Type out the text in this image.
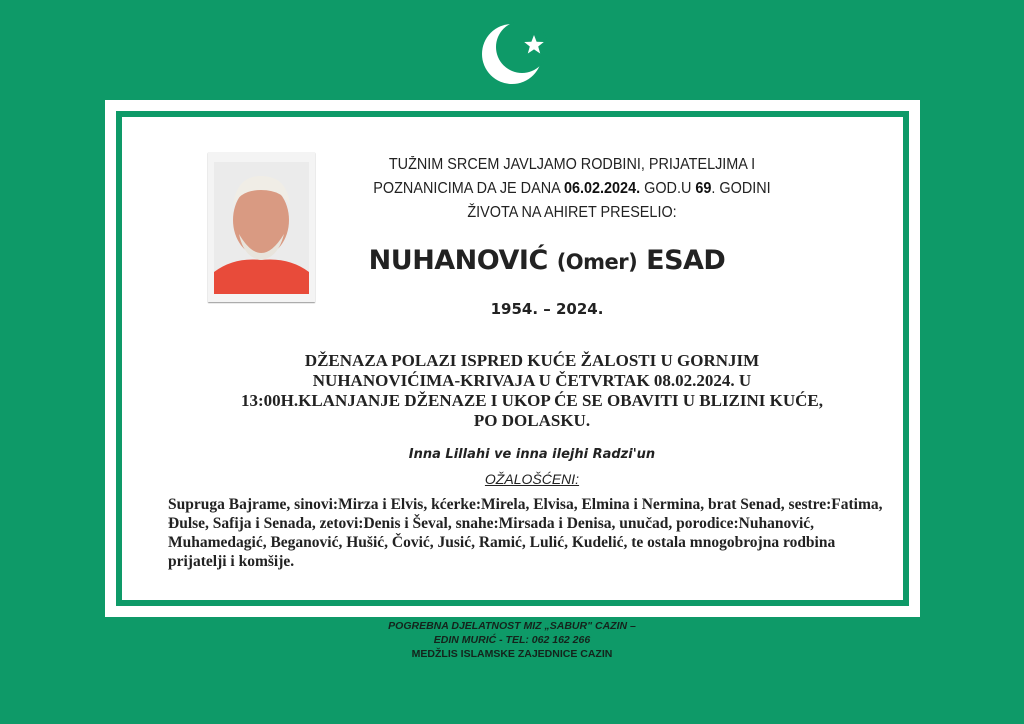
TUŽNIM SRCEM JAVLJAMO RODBINI, PRIJATELJIMA I
POZNANICIMA DA JE DANA 06.02.2024. GOD.U 69. GODINI
ŽIVOTA NA AHIRET PRESELIO:
NUHANOVIĆ (Omer) ESAD
1954. – 2024.
DŽENAZA POLAZI ISPRED KUĆE ŽALOSTI U GORNJIM
NUHANOVIĆIMA-KRIVAJA U ČETVRTAK 08.02.2024. U
13:00H.KLANJANJE DŽENAZE I UKOP ĆE SE OBAVITI U BLIZINI KUĆE,
PO DOLASKU.
Inna Lillahi ve inna ilejhi Radzi'un
OŽALOŠĆENI:
Supruga Bajrame, sinovi:Mirza i Elvis, kćerke:Mirela, Elvisa, Elmina i Nermina, brat Senad, sestre:Fatima, Đulse, Safija i Senada, zetovi:Denis i Ševal, snahe:Mirsada i Denisa, unučad, porodice:Nuhanović, Muhamedagić, Beganović, Hušić, Čović, Jusić, Ramić, Lulić, Kudelić, te ostala mnogobrojna rodbina prijatelji i komšije.
POGREBNA DJELATNOST MIZ „SABUR" CAZIN –
EDIN MURIĆ - TEL: 062 162 266
MEDŽLIS ISLAMSKE ZAJEDNICE CAZIN
